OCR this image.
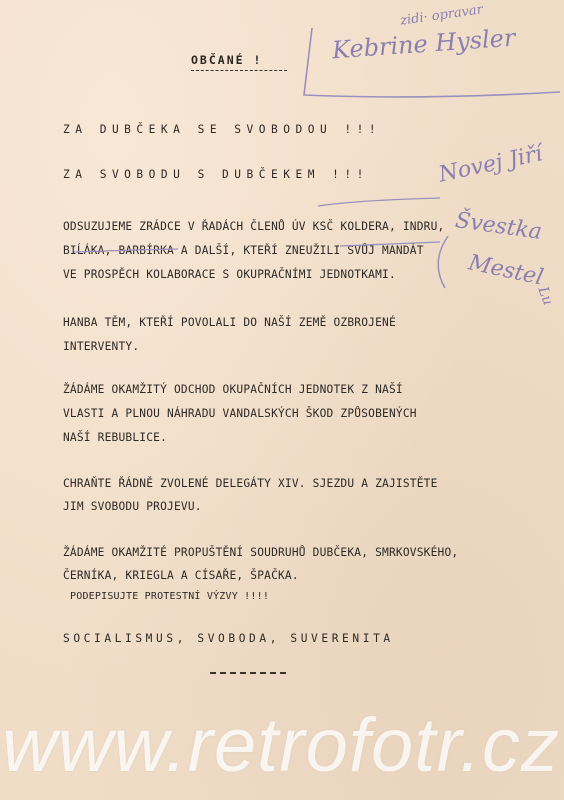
OBČANÉ !
ZA DUBČEKA SE SVOBODOU !!!
ZA SVOBODU S DUBČEKEM !!!
ODSUZUJEME ZRÁDCE V ŘADÁCH ČLENŮ ÚV KSČ KOLDERA, INDRU,
BIĹÁKA, BARBÍRKA A DALŠÍ, KTEŘÍ ZNEUŽILI SVŮJ MANDÁT
VE PROSPĚCH KOLABORACE S OKUPRAČNÍMI JEDNOTKAMI.
HANBA TĚM, KTEŘÍ POVOLALI DO NAŠÍ ZEMĚ OZBROJENÉ
INTERVENTY.
ŽÁDÁME OKAMŽITÝ ODCHOD OKUPAČNÍCH JEDNOTEK Z NAŠÍ
VLASTI A PLNOU NÁHRADU VANDALSKÝCH ŠKOD ZPŮSOBENÝCH
NAŠÍ REBUBLICE.
CHRAŇTE ŘÁDNĚ ZVOLENÉ DELEGÁTY XIV. SJEZDU A ZAJISTĚTE
JIM SVOBODU PROJEVU.
ŽÁDÁME OKAMŽITÉ PROPUŠTĚNÍ SOUDRUHŮ DUBČEKA, SMRKOVSKÉHO,
ČERNÍKA, KRIEGLA A CÍSAŘE, ŠPAČKA.
PODEPISUJTE PROTESTNÍ VÝZVY !!!!
SOCIALISMUS, SVOBODA, SUVERENITA
zidi· opravar
Kebrine Hysler
Novej Jiří
Švestka
Mestel
Lu
www.retrofotr.cz
